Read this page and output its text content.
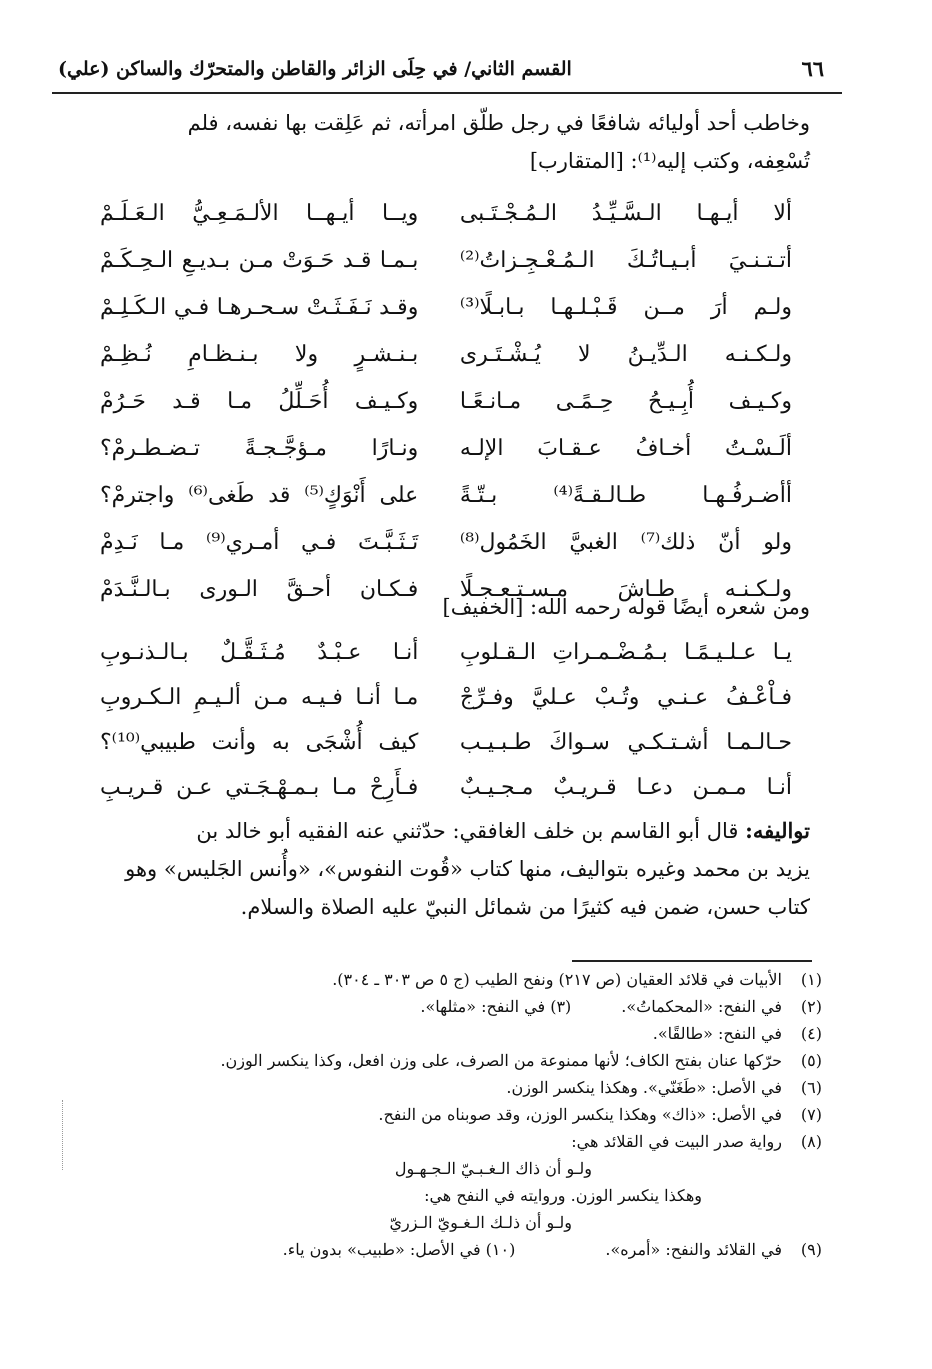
٦٦
القسم الثاني/ في حِلَى الزائر والقاطن والمتحرّك والساكن (علي)

وخاطب أحد أوليائه شافعًا في رجل طلّق امرأته، ثم عَلِقت بها نفسه، فلم

تُسْعِفه، وكتب إليه⁽¹⁾: [المتقارب]

ألا أيـهـا الـسَّـيِّـدُ الـمُـجْـتَـبى
ويــا أيـهــا الألـمَـعِـيُّ الـعَـلَـمْ
أتـتـنـيَ أبـيـاتُـكَ الـمُـعْـجِـزاتُ⁽²⁾
بـمـا قـد حَـوَتْ مـن بـديـعِ الـحِـكَـمْ
ولـم أرَ مــن قَـبْـلـهـا بـابـلًا⁽³⁾
وقـد نَـفَـثَـتْ سـحـرهـا فـي الـكَـلِـمْ
ولـكـنـه الـدِّيـنُ لا يُـشْـتَـرى
بـنـشـرٍ ولا بـنـظـامِ نُـظِـمْ
وكـيـف أُبِـيـحُ حِـمًـى مـانـعًـا
وكـيـف أُحَـلِّلُ مـا قـد حَـرُمْ
ألَـسْـتُ أخـافُ عـقـابَ الإلـه
ونـارًا مـؤجَّـجـةً تـضـطـرمْ؟
أأضـرفُـهـا طـالـقـةً⁽⁴⁾ بـتّـةً
على أَنْوَكٍ⁽⁵⁾ قد طَغى⁽⁶⁾ واجترمْ؟
ولو أنّ ذلك⁽⁷⁾ الغبيَّ الخَمُول⁽⁸⁾
تَـثَـبَّـتَ فـي أمـري⁽⁹⁾ مـا نَـدِمْ
ولـكـنـه طـاشَ مـسـتـعـجـلًا
فـكـان أحـقَّ الـورى بـالـنَّـدَمْ

ومن شعره أيضًا قوله رحمه الله: [الخفيف]

يـا عـلـيـمًـا بـمُـضْـمـراتِ الـقـلوبِ
أنـا عـبْـدٌ مُـثَـقَّـلٌ بـالـذنـوبِ
فـاْعْـفُ عـنـي وتُـبْ عـليَّ وفـرِّجْ
مـا أنـا فـيـه مـن ألـيـمِ الـكـروبِ
حـالـمـا أشـتـكـي سـواكَ طـبـيـب
كيف أُشْجَى به وأنت طبيبي⁽¹⁰⁾؟
أنـا مـمـن دعـا قـريـبٌ مـجـيـبٌ
فـأَرِحْ مـا بـمـهْـجَـتي عـن قـريـبِ

تواليفه: قال أبو القاسم بن خلف الغافقي: حدّثني عنه الفقيه أبو خالد بن

يزيد بن محمد وغيره بتواليف، منها كتاب «قُوت النفوس»، «وأُنس الجَليس» وهو

كتاب حسن، ضمن فيه كثيرًا من شمائل النبيّ عليه الصلاة والسلام.

(١)الأبيات في قلائد العقيان (ص ٢١٧) ونفح الطيب (ج ٥ ص ٣٠٣ ـ ٣٠٤).
(٢)في النفح: «المحكماتُ».(٣) في النفح: «مثلها».
(٤)في النفح: «طالقًا».
(٥)حرّكها عنان بفتح الكاف؛ لأنها ممنوعة من الصرف، على وزن افعل، وكذا ينكسر الوزن.
(٦)في الأصل: «طَغَنّي». وهكذا ينكسر الوزن.
(٧)في الأصل: «ذاك» وهكذا ينكسر الوزن، وقد صوبناه من النفح.
(٨)رواية صدر البيت في القلائد هي:
ولـو أن ذاك الـغـبـيّ الـجـهـول
وهكذا ينكسر الوزن. وروايته في النفح هي:
ولـو أن ذلـك الـغـويّ الـزريّ
(٩)في القلائد والنفح: «أمره».(١٠) في الأصل: «طبيب» بدون ياء.
